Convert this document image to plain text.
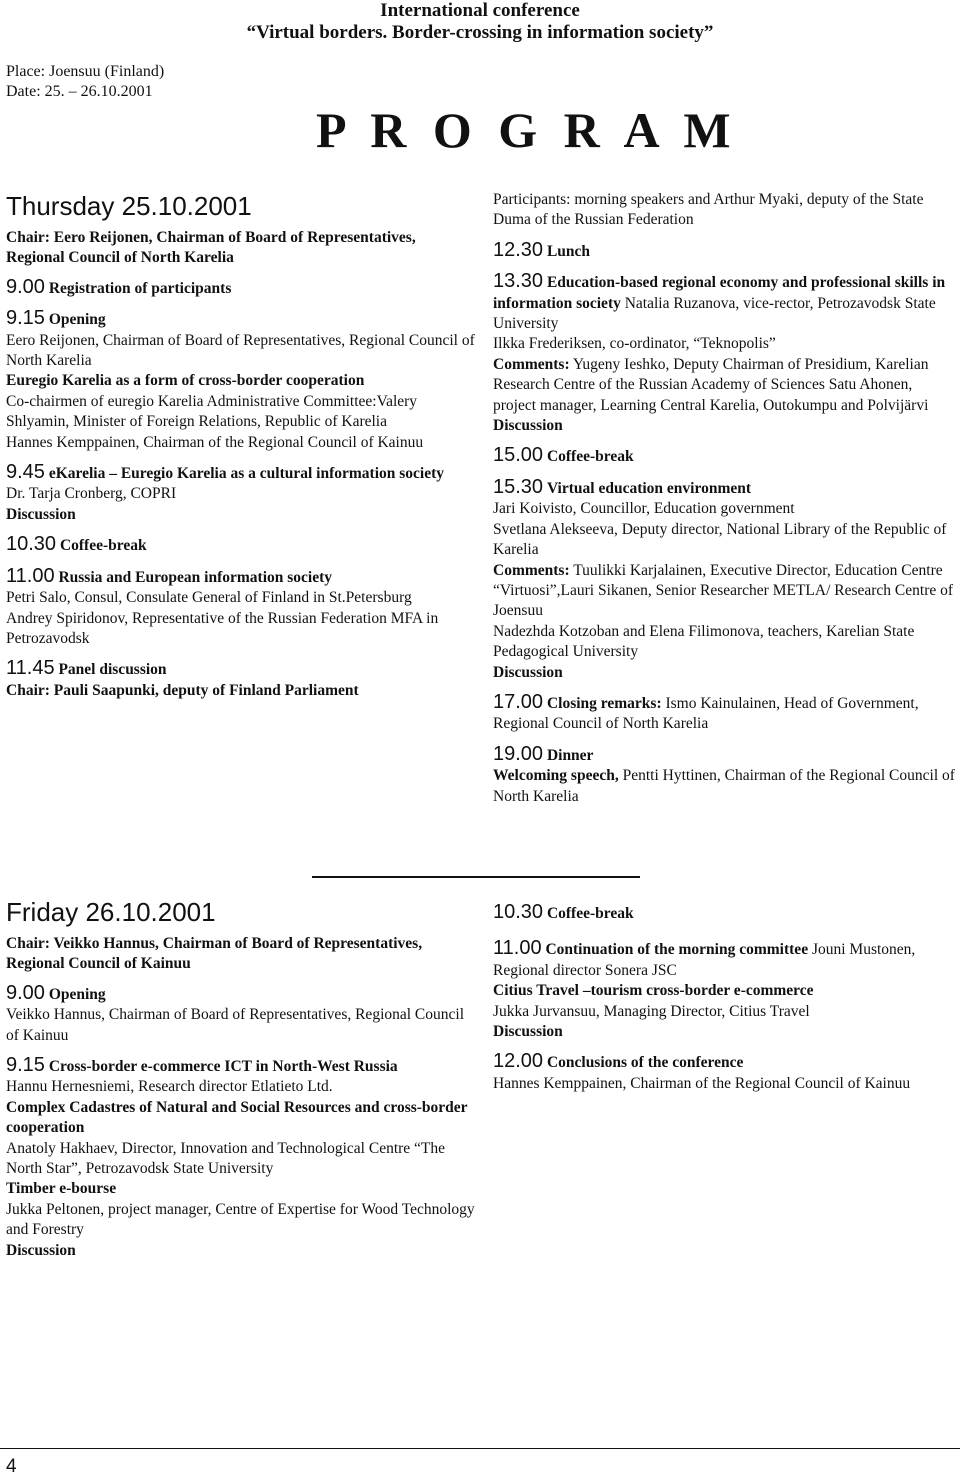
International conference
“Virtual borders. Border-crossing in information society”
Place: Joensuu (Finland)
Date: 25. – 26.10.2001
P R O G R A M
Thursday 25.10.2001
Chair: Eero Reijonen, Chairman of Board of Representatives, Regional Council of North Karelia
9.00 Registration of participants
9.15 Opening
Eero Reijonen, Chairman of Board of Representatives, Regional Council of North Karelia
Euregio Karelia as a form of cross-border cooperation
Co-chairmen of euregio Karelia Administrative Committee:Valery Shlyamin, Minister of Foreign Relations, Republic of Karelia
Hannes Kemppainen, Chairman of the Regional Council of Kainuu
9.45 eKarelia – Euregio Karelia as a cultural information society
Dr. Tarja Cronberg, COPRI
Discussion
10.30 Coffee-break
11.00 Russia and European information society
Petri Salo, Consul, Consulate General of Finland in St.Petersburg
Andrey Spiridonov, Representative of the Russian Federation MFA in Petrozavodsk
11.45 Panel discussion
Chair: Pauli Saapunki, deputy of Finland Parliament
Participants: morning speakers and Arthur Myaki, deputy of the State Duma of the Russian Federation
12.30 Lunch
13.30 Education-based regional economy and professional skills in information society Natalia Ruzanova, vice-rector, Petrozavodsk State University
Ilkka Frederiksen, co-ordinator, “Teknopolis”
Comments: Yugeny Ieshko, Deputy Chairman of Presidium, Karelian Research Centre of the Russian Academy of Sciences Satu Ahonen, project manager, Learning Central Karelia, Outokumpu and Polvijärvi
Discussion
15.00 Coffee-break
15.30 Virtual education environment
Jari Koivisto, Councillor, Education government
Svetlana Alekseeva, Deputy director, National Library of the Republic of Karelia
Comments: Tuulikki Karjalainen, Executive Director, Education Centre “Virtuosi”,Lauri Sikanen, Senior Researcher METLA/ Research Centre of Joensuu
Nadezhda Kotzoban and Elena Filimonova, teachers, Karelian State Pedagogical University
Discussion
17.00 Closing remarks: Ismo Kainulainen, Head of Government, Regional Council of North Karelia
19.00 Dinner
Welcoming speech, Pentti Hyttinen, Chairman of the Regional Council of North Karelia
Friday 26.10.2001
Chair: Veikko Hannus, Chairman of Board of Representatives, Regional Council of Kainuu
9.00 Opening
Veikko Hannus, Chairman of Board of Representatives, Regional Council of Kainuu
9.15 Cross-border e-commerce ICT in North-West Russia
Hannu Hernesniemi, Research director Etlatieto Ltd.
Complex Cadastres of Natural and Social Resources and cross-border cooperation
Anatoly Hakhaev, Director, Innovation and Technological Centre “The North Star”, Petrozavodsk State University
Timber e-bourse
Jukka Peltonen, project manager, Centre of Expertise for Wood Technology and Forestry
Discussion
10.30 Coffee-break
11.00 Continuation of the morning committee Jouni Mustonen, Regional director Sonera JSC
Citius Travel –tourism cross-border e-commerce
Jukka Jurvansuu, Managing Director, Citius Travel
Discussion
12.00 Conclusions of the conference
Hannes Kemppainen, Chairman of the Regional Council of Kainuu
4
